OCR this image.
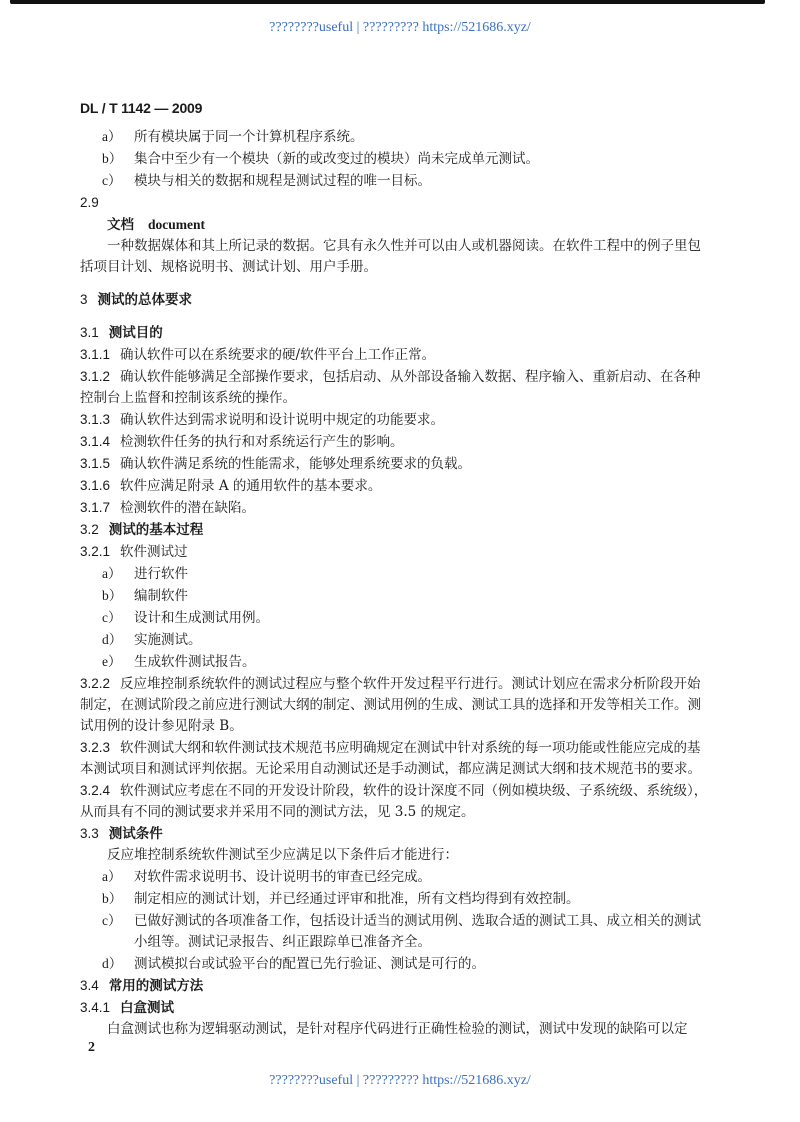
????????useful | ????????? https://521686.xyz/
DL / T 1142 — 2009
a） 所有模块属于同一个计算机程序系统。
b） 集合中至少有一个模块（新的或改变过的模块）尚未完成单元测试。
c） 模块与相关的数据和规程是测试过程的唯一目标。
2.9
文档 document
一种数据媒体和其上所记录的数据。它具有永久性并可以由人或机器阅读。在软件工程中的例子里包括项目计划、规格说明书、测试计划、用户手册。
3 测试的总体要求
3.1 测试目的
3.1.1 确认软件可以在系统要求的硬/软件平台上工作正常。
3.1.2 确认软件能够满足全部操作要求，包括启动、从外部设备输入数据、程序输入、重新启动、在各种控制台上监督和控制该系统的操作。
3.1.3 确认软件达到需求说明和设计说明中规定的功能要求。
3.1.4 检测软件任务的执行和对系统运行产生的影响。
3.1.5 确认软件满足系统的性能需求，能够处理系统要求的负载。
3.1.6 软件应满足附录 A 的通用软件的基本要求。
3.1.7 检测软件的潜在缺陷。
3.2 测试的基本过程
3.2.1 软件测试过
a） 进行软件
b） 编制软件
c） 设计和生成测试用例。
d） 实施测试。
e） 生成软件测试报告。
3.2.2 反应堆控制系统软件的测试过程应与整个软件开发过程平行进行。测试计划应在需求分析阶段开始制定，在测试阶段之前应进行测试大纲的制定、测试用例的生成、测试工具的选择和开发等相关工作。测试用例的设计参见附录 B。
3.2.3 软件测试大纲和软件测试技术规范书应明确规定在测试中针对系统的每一项功能或性能应完成的基本测试项目和测试评判依据。无论采用自动测试还是手动测试，都应满足测试大纲和技术规范书的要求。
3.2.4 软件测试应考虑在不同的开发设计阶段，软件的设计深度不同（例如模块级、子系统级、系统级），从而具有不同的测试要求并采用不同的测试方法，见 3.5 的规定。
3.3 测试条件
反应堆控制系统软件测试至少应满足以下条件后才能进行：
a） 对软件需求说明书、设计说明书的审查已经完成。
b） 制定相应的测试计划，并已经通过评审和批准，所有文档均得到有效控制。
c） 已做好测试的各项准备工作，包括设计适当的测试用例、选取合适的测试工具、成立相关的测试小组等。测试记录报告、纠正跟踪单已准备齐全。
d） 测试模拟台或试验平台的配置已先行验证、测试是可行的。
3.4 常用的测试方法
3.4.1 白盒测试
白盒测试也称为逻辑驱动测试，是针对程序代码进行正确性检验的测试，测试中发现的缺陷可以定
2
????????useful | ????????? https://521686.xyz/
